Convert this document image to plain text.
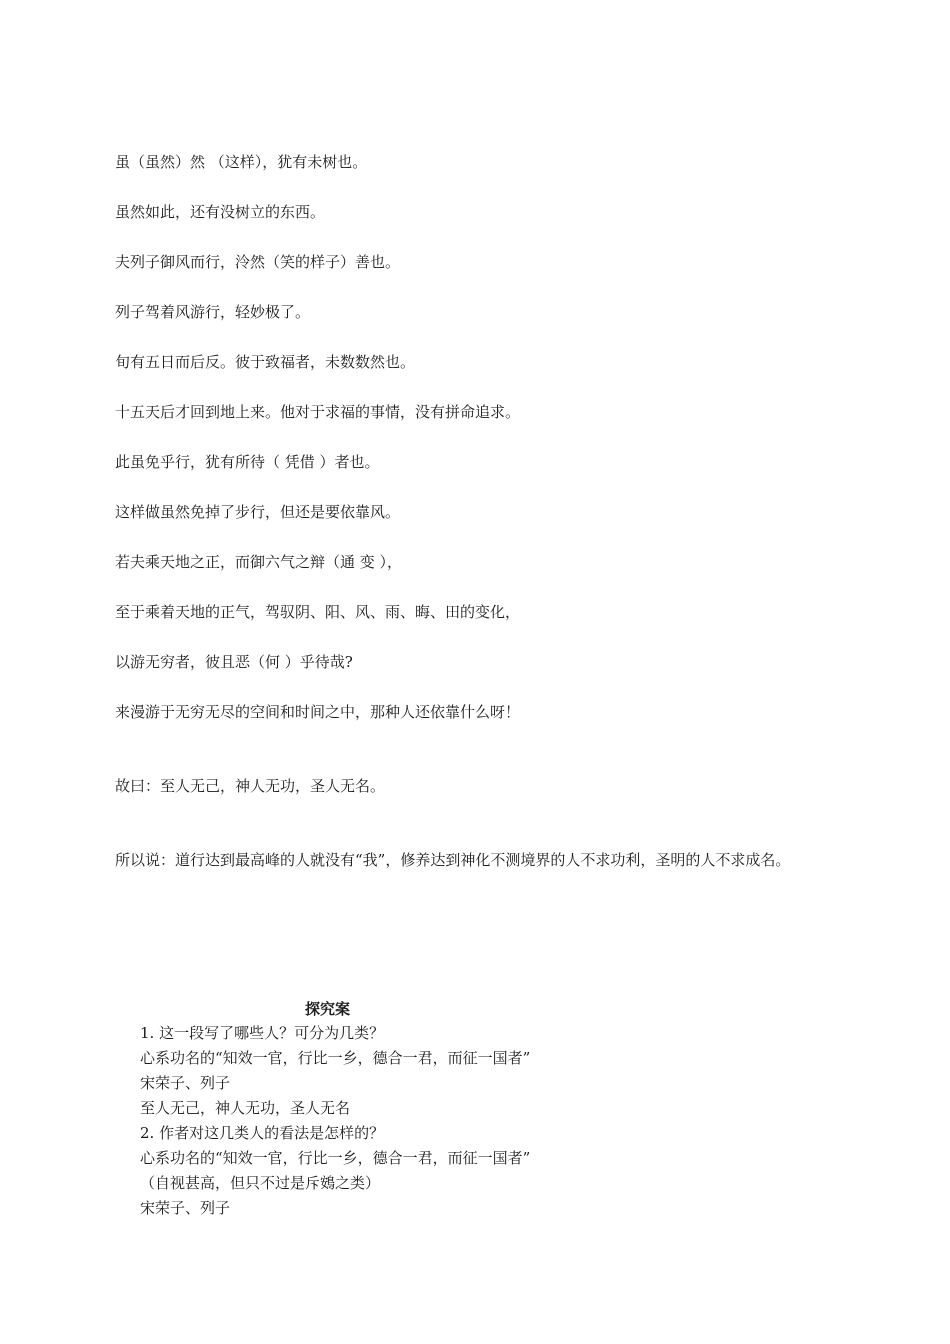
虽（虽然）然 （这样），犹有未树也。
虽然如此，还有没树立的东西。
夫列子御风而行，泠然（笑的样子）善也。
列子驾着风游行，轻妙极了。
旬有五日而后反。彼于致福者，未数数然也。
十五天后才回到地上来。他对于求福的事情，没有拼命追求。
此虽免乎行，犹有所待（ 凭借 ）者也。
这样做虽然免掉了步行，但还是要依靠风。
若夫乘天地之正，而御六气之辩（通 变 ），
至于乘着天地的正气，驾驭阴、阳、风、雨、晦、田的变化，
以游无穷者，彼且恶（何 ）乎待哉?
来漫游于无穷无尽的空间和时间之中，那种人还依靠什么呀！
故曰：至人无己，神人无功，圣人无名。
所以说：道行达到最高峰的人就没有“我”，修养达到神化不测境界的人不求功利，圣明的人不求成名。
探究案
1. 这一段写了哪些人？可分为几类？
心系功名的“知效一官，行比一乡，德合一君，而征一国者”
宋荣子、列子
至人无己，神人无功，圣人无名
2. 作者对这几类人的看法是怎样的？
心系功名的“知效一官，行比一乡，德合一君，而征一国者”
（自视甚高，但只不过是斥鴳之类）
宋荣子、列子
